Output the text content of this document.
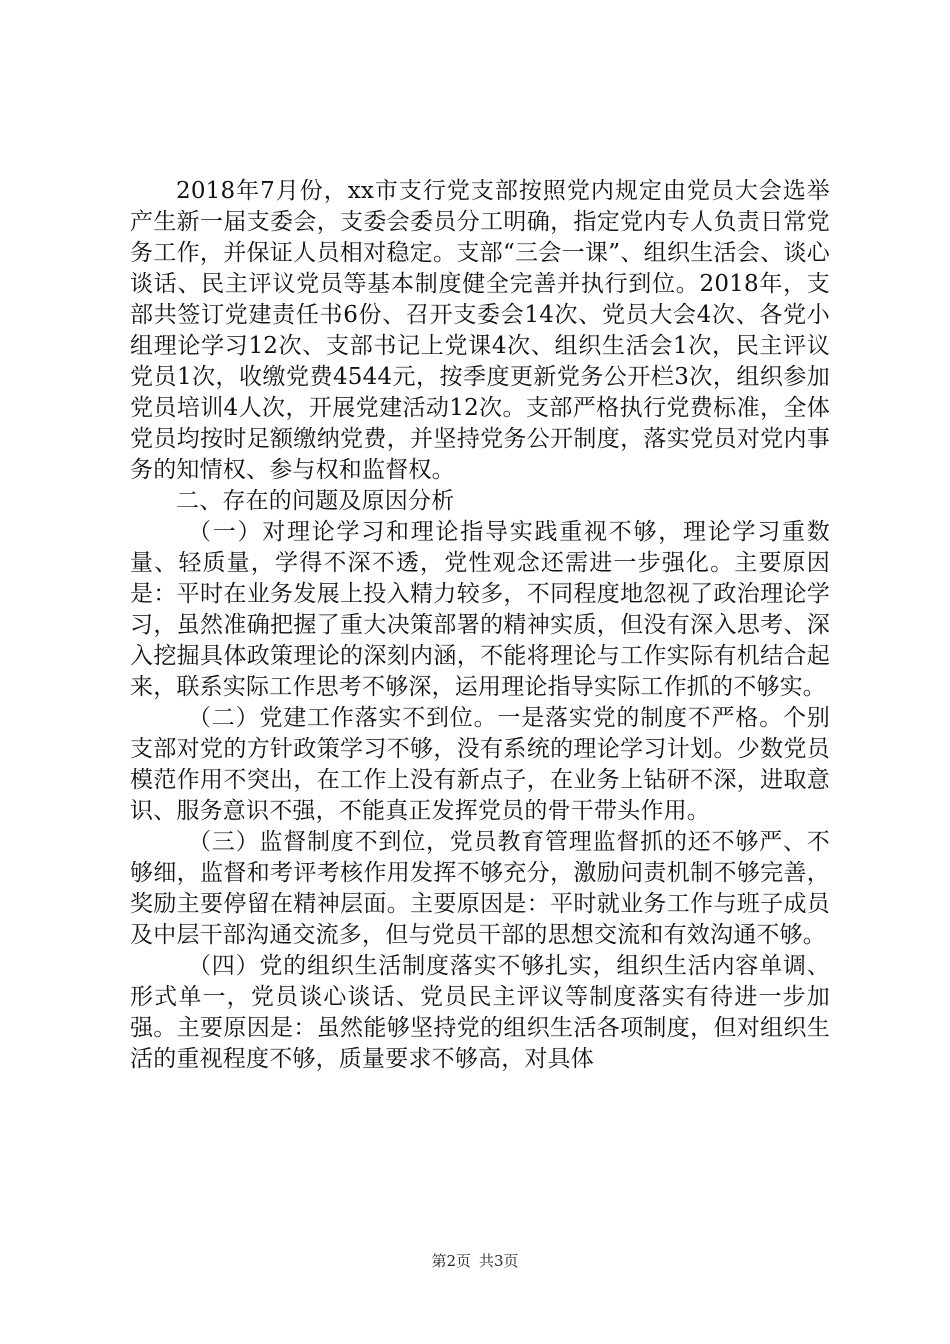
2018年7月份，xx市支行党支部按照党内规定由党员大会选举产生新一届支委会，支委会委员分工明确，指定党内专人负责日常党务工作，并保证人员相对稳定。支部“三会一课”、组织生活会、谈心谈话、民主评议党员等基本制度健全完善并执行到位。2018年，支部共签订党建责任书6份、召开支委会14次、党员大会4次、各党小组理论学习12次、支部书记上党课4次、组织生活会1次，民主评议党员1次，收缴党费4544元，按季度更新党务公开栏3次，组织参加党员培训4人次，开展党建活动12次。支部严格执行党费标准，全体党员均按时足额缴纳党费，并坚持党务公开制度，落实党员对党内事务的知情权、参与权和监督权。

二、存在的问题及原因分析

（一）对理论学习和理论指导实践重视不够，理论学习重数量、轻质量，学得不深不透，党性观念还需进一步强化。主要原因是：平时在业务发展上投入精力较多，不同程度地忽视了政治理论学习，虽然准确把握了重大决策部署的精神实质，但没有深入思考、深入挖掘具体政策理论的深刻内涵，不能将理论与工作实际有机结合起来，联系实际工作思考不够深，运用理论指导实际工作抓的不够实。

（二）党建工作落实不到位。一是落实党的制度不严格。个别支部对党的方针政策学习不够，没有系统的理论学习计划。少数党员模范作用不突出，在工作上没有新点子，在业务上钻研不深，进取意识、服务意识不强，不能真正发挥党员的骨干带头作用。

（三）监督制度不到位，党员教育管理监督抓的还不够严、不够细，监督和考评考核作用发挥不够充分，激励问责机制不够完善，奖励主要停留在精神层面。主要原因是：平时就业务工作与班子成员及中层干部沟通交流多，但与党员干部的思想交流和有效沟通不够。

（四）党的组织生活制度落实不够扎实，组织生活内容单调、形式单一，党员谈心谈话、党员民主评议等制度落实有待进一步加强。主要原因是：虽然能够坚持党的组织生活各项制度，但对组织生活的重视程度不够，质量要求不够高，对具体

第2页 共3页
